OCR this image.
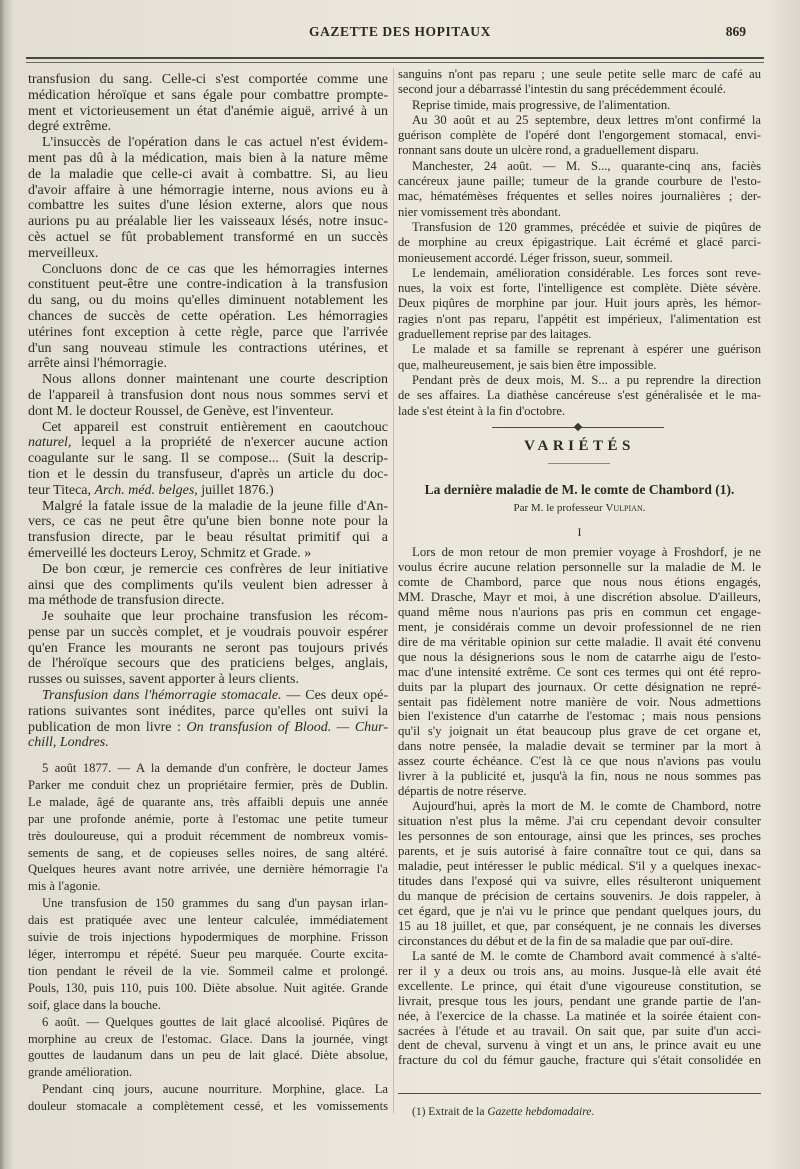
GAZETTE DES HOPITAUX	869
transfusion du sang. Celle-ci s'est comportée comme une
médication héroïque et sans égale pour combattre prompte-
ment et victorieusement un état d'anémie aiguë, arrivé à un
degré extrême.
L'insuccès de l'opération dans le cas actuel n'est évidem-
ment pas dû à la médication, mais bien à la nature même
de la maladie que celle-ci avait à combattre. Si, au lieu
d'avoir affaire à une hémorragie interne, nous avions eu à
combattre les suites d'une lésion externe, alors que nous
aurions pu au préalable lier les vaisseaux lésés, notre insuc-
cès actuel se fût probablement transformé en un succès
merveilleux.
Concluons donc de ce cas que les hémorragies internes
constituent peut-être une contre-indication à la transfusion
du sang, ou du moins qu'elles diminuent notablement les
chances de succès de cette opération. Les hémorragies
utérines font exception à cette règle, parce que l'arrivée
d'un sang nouveau stimule les contractions utérines, et
arrête ainsi l'hémorragie.
Nous allons donner maintenant une courte description
de l'appareil à transfusion dont nous nous sommes servi et
dont M. le docteur Roussel, de Genève, est l'inventeur.
Cet appareil est construit entièrement en caoutchouc
naturel, lequel a la propriété de n'exercer aucune action
coagulante sur le sang. Il se compose... (Suit la descrip-
tion et le dessin du transfuseur, d'après un article du doc-
teur Titeca, Arch. méd. belges, juillet 1876.)
Malgré la fatale issue de la maladie de la jeune fille d'An-
vers, ce cas ne peut être qu'une bien bonne note pour la
transfusion directe, par le beau résultat primitif qui a
émerveillé les docteurs Leroy, Schmitz et Grade. »
De bon cœur, je remercie ces confrères de leur initiative
ainsi que des compliments qu'ils veulent bien adresser à
ma méthode de transfusion directe.
Je souhaite que leur prochaine transfusion les récom-
pense par un succès complet, et je voudrais pouvoir espérer
qu'en France les mourants ne seront pas toujours privés
de l'héroïque secours que des praticiens belges, anglais,
russes ou suisses, savent apporter à leurs clients.
Transfusion dans l'hémorragie stomacale. — Ces deux opé-
rations suivantes sont inédites, parce qu'elles ont suivi la
publication de mon livre : On transfusion of Blood. — Chur-
chill, Londres.
5 août 1877. — A la demande d'un confrère, le docteur James
Parker me conduit chez un propriétaire fermier, près de Dublin.
Le malade, âgé de quarante ans, très affaibli depuis une année
par une profonde anémie, porte à l'estomac une petite tumeur
très douloureuse, qui a produit récemment de nombreux vomis-
sements de sang, et de copieuses selles noires, de sang altéré.
Quelques heures avant notre arrivée, une dernière hémorragie l'a
mis à l'agonie.
Une transfusion de 150 grammes du sang d'un paysan irlan-
dais est pratiquée avec une lenteur calculée, immédiatement
suivie de trois injections hypodermiques de morphine. Frisson
léger, interrompu et répété. Sueur peu marquée. Courte excita-
tion pendant le réveil de la vie. Sommeil calme et prolongé.
Pouls, 130, puis 110, puis 100. Diète absolue. Nuit agitée. Grande
soif, glace dans la bouche.
6 août. — Quelques gouttes de lait glacé alcoolisé. Piqûres de
morphine au creux de l'estomac. Glace. Dans la journée, vingt
gouttes de laudanum dans un peu de lait glacé. Diète absolue,
grande amélioration.
Pendant cinq jours, aucune nourriture. Morphine, glace. La
douleur stomacale a complètement cessé, et les vomissements
sanguins n'ont pas reparu ; une seule petite selle marc de café au
second jour a débarrassé l'intestin du sang précédemment écoulé.
Reprise timide, mais progressive, de l'alimentation.
Au 30 août et au 25 septembre, deux lettres m'ont confirmé la
guérison complète de l'opéré dont l'engorgement stomacal, envi-
ronnant sans doute un ulcère rond, a graduellement disparu.
Manchester, 24 août. — M. S..., quarante-cinq ans, faciès
cancéreux jaune paille; tumeur de la grande courbure de l'esto-
mac, hématémèses fréquentes et selles noires journalières ; der-
nier vomissement très abondant.
Transfusion de 120 grammes, précédée et suivie de piqûres de
de morphine au creux épigastrique. Lait écrémé et glacé parci-
monieusement accordé. Léger frisson, sueur, sommeil.
Le lendemain, amélioration considérable. Les forces sont reve-
nues, la voix est forte, l'intelligence est complète. Diète sévère.
Deux piqûres de morphine par jour. Huit jours après, les hémor-
ragies n'ont pas reparu, l'appétit est impérieux, l'alimentation est
graduellement reprise par des laitages.
Le malade et sa famille se reprenant à espérer une guérison
que, malheureusement, je sais bien être impossible.
Pendant près de deux mois, M. S... a pu reprendre la direction
de ses affaires. La diathèse cancéreuse s'est généralisée et le ma-
lade s'est éteint à la fin d'octobre.
VARIÉTÉS
La dernière maladie de M. le comte de Chambord (1).
Par M. le professeur Vulpian.
I
Lors de mon retour de mon premier voyage à Froshdorf, je ne
voulus écrire aucune relation personnelle sur la maladie de M. le
comte de Chambord, parce que nous nous étions engagés,
MM. Drasche, Mayr et moi, à une discrétion absolue. D'ailleurs,
quand même nous n'aurions pas pris en commun cet engage-
ment, je considérais comme un devoir professionnel de ne rien
dire de ma véritable opinion sur cette maladie. Il avait été convenu
que nous la désignerions sous le nom de catarrhe aigu de l'esto-
mac d'une intensité extrême. Ce sont ces termes qui ont été repro-
duits par la plupart des journaux. Or cette désignation ne repré-
sentait pas fidèlement notre manière de voir. Nous admettions
bien l'existence d'un catarrhe de l'estomac ; mais nous pensions
qu'il s'y joignait un état beaucoup plus grave de cet organe et,
dans notre pensée, la maladie devait se terminer par la mort à
assez courte échéance. C'est là ce que nous n'avions pas voulu
livrer à la publicité et, jusqu'à la fin, nous ne nous sommes pas
départis de notre réserve.
Aujourd'hui, après la mort de M. le comte de Chambord, notre
situation n'est plus la même. J'ai cru cependant devoir consulter
les personnes de son entourage, ainsi que les princes, ses proches
parents, et je suis autorisé à faire connaître tout ce qui, dans sa
maladie, peut intéresser le public médical. S'il y a quelques inexac-
titudes dans l'exposé qui va suivre, elles résulteront uniquement
du manque de précision de certains souvenirs. Je dois rappeler, à
cet égard, que je n'ai vu le prince que pendant quelques jours, du
15 au 18 juillet, et que, par conséquent, je ne connais les diverses
circonstances du début et de la fin de sa maladie que par ouï-dire.
La santé de M. le comte de Chambord avait commencé à s'alté-
rer il y a deux ou trois ans, au moins. Jusque-là elle avait été
excellente. Le prince, qui était d'une vigoureuse constitution, se
livrait, presque tous les jours, pendant une grande partie de l'an-
née, à l'exercice de la chasse. La matinée et la soirée étaient con-
sacrées à l'étude et au travail. On sait que, par suite d'un acci-
dent de cheval, survenu à vingt et un ans, le prince avait eu une
fracture du col du fémur gauche, fracture qui s'était consolidée en
(1) Extrait de la Gazette hebdomadaire.
